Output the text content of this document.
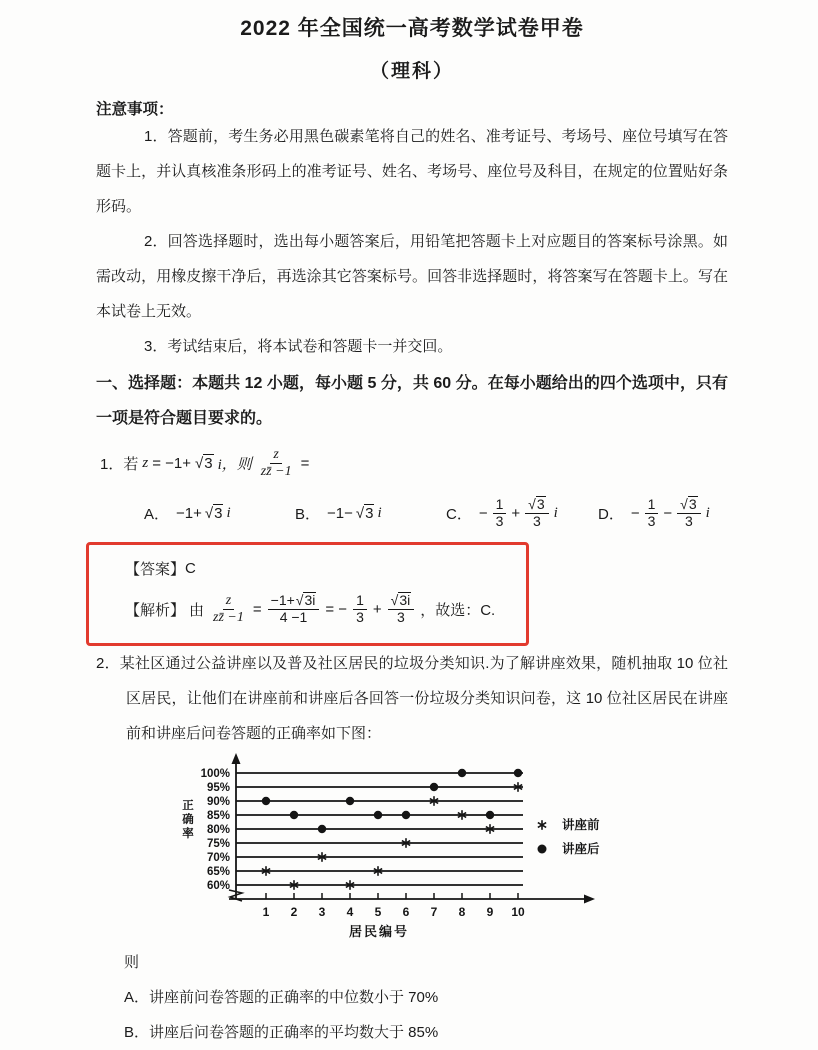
2022 年全国统一高考数学试卷甲卷
（理科）
注意事项：

1．答题前，考生务必用黑色碳素笔将自己的姓名、准考证号、考场号、座位号填写在答题卡上，并认真核准条形码上的准考证号、姓名、考场号、座位号及科目，在规定的位置贴好条形码。

2．回答选择题时，选出每小题答案后，用铅笔把答题卡上对应题目的答案标号涂黑。如需改动，用橡皮擦干净后，再选涂其它答案标号。回答非选择题时，将答案写在答题卡上。写在本试卷上无效。

3．考试结束后，将本试卷和答题卡一并交回。

一、选择题：本题共 12 小题，每小题 5 分，共 60 分。在每小题给出的四个选项中，只有一项是符合题目要求的。

1．若 z = −1+ √ 3 i，则 $\frac{z}{zz̄ -1}$ =
A． −1+ √ 3 i	B． −1− √ 3 i	C． − $\frac{1}{3} + \frac{√ 3}{3}$ i	D． − $\frac{1}{3} - \frac{√ 3}{3}$ i
【答案】 C
【解析】 由 $\frac{z}{zz̄ -1} = \frac{-1+ √ 3i}{4 -1}$ = − $\frac{1}{3} + \frac{√ 3i}{3}$ ，故选：C.

2．某社区通过公益讲座以及普及社区居民的垃圾分类知识.为了解讲座效果，随机抽取 10 位社区居民，让他们在讲座前和讲座后各回答一份垃圾分类知识问卷，这 10 位社区居民在讲座前和讲座后问卷答题的正确率如下图：

100%
95%
90%
85%
80%
75%
70%
65%
60%
1 2 3 4 5 6 7 8 9 10
居民编号
正
确
率
讲座前
讲座后

则

A．讲座前问卷答题的正确率的中位数小于 70%

B．讲座后问卷答题的正确率的平均数大于 85%
